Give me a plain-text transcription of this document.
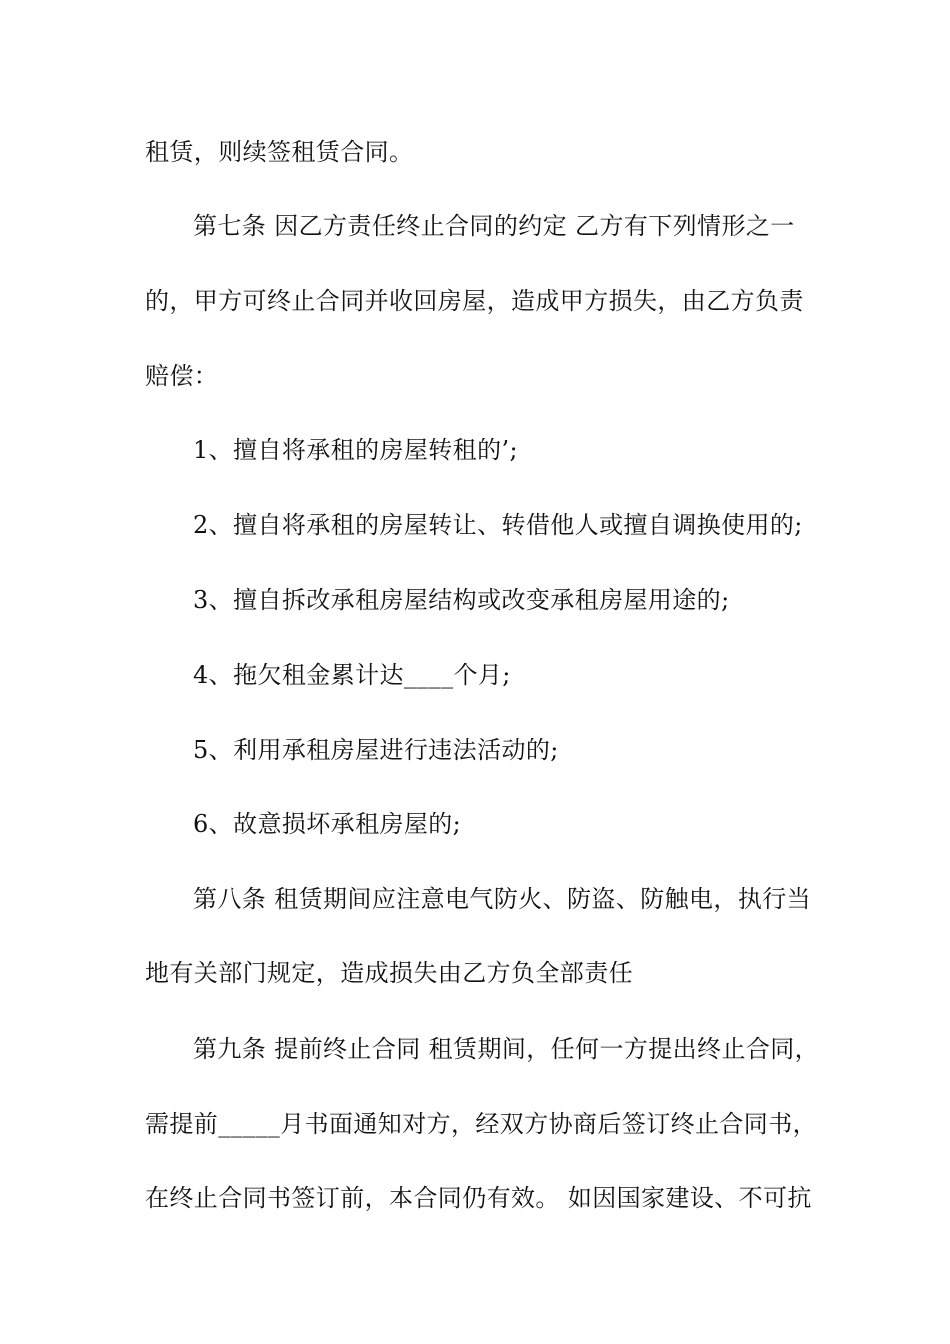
租赁，则续签租赁合同。
第七条 因乙方责任终止合同的约定 乙方有下列情形之一
的，甲方可终止合同并收回房屋，造成甲方损失，由乙方负责
赔偿：
1、擅自将承租的房屋转租的’;
2、擅自将承租的房屋转让、转借他人或擅自调换使用的;
3、擅自拆改承租房屋结构或改变承租房屋用途的;
4、拖欠租金累计达____个月;
5、利用承租房屋进行违法活动的;
6、故意损坏承租房屋的;
第八条 租赁期间应注意电气防火、防盗、防触电，执行当
地有关部门规定，造成损失由乙方负全部责任
第九条 提前终止合同 租赁期间，任何一方提出终止合同，
需提前_____月书面通知对方，经双方协商后签订终止合同书，
在终止合同书签订前，本合同仍有效。 如因国家建设、不可抗
